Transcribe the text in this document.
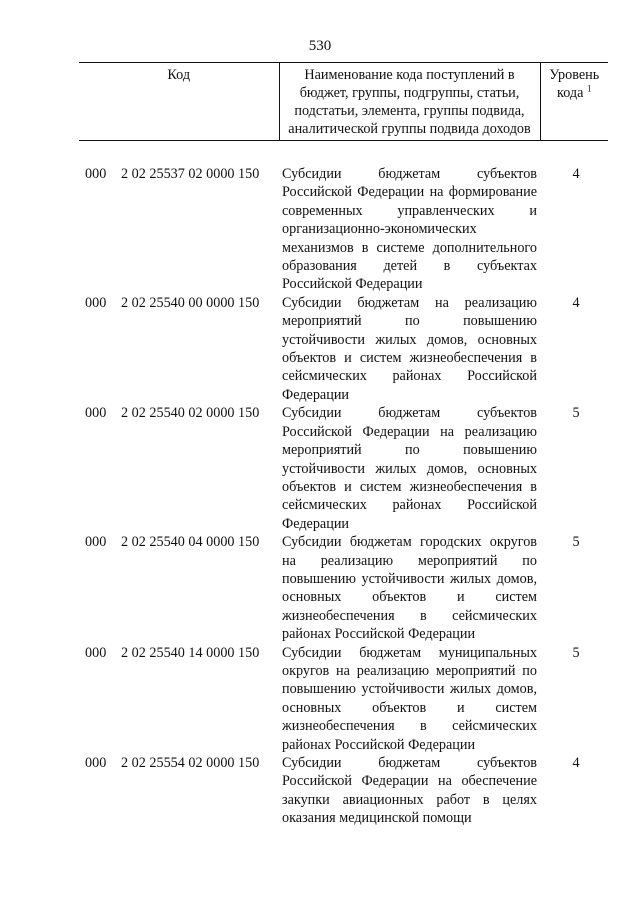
530
Код	Наименование кода поступлений в бюджет, группы, подгруппы, статьи, подстатьи, элемента, группы подвида, аналитической группы подвида доходов	Уровень кода $^1$

000 2 02 25537 02 0000 150	Субсидии бюджетам субъектов Российской Федерации на формирование современных управленческих и организационно-экономических механизмов в системе дополнительного образования детей в субъектах Российской Федерации	4
000 2 02 25540 00 0000 150	Субсидии бюджетам на реализацию мероприятий по повышению устойчивости жилых домов, основных объектов и систем жизнеобеспечения в сейсмических районах Российской Федерации	4
000 2 02 25540 02 0000 150	Субсидии бюджетам субъектов Российской Федерации на реализацию мероприятий по повышению устойчивости жилых домов, основных объектов и систем жизнеобеспечения в сейсмических районах Российской Федерации	5
000 2 02 25540 04 0000 150	Субсидии бюджетам городских округов на реализацию мероприятий по повышению устойчивости жилых домов, основных объектов и систем жизнеобеспечения в сейсмических районах Российской Федерации	5
000 2 02 25540 14 0000 150	Субсидии бюджетам муниципальных округов на реализацию мероприятий по повышению устойчивости жилых домов, основных объектов и систем жизнеобеспечения в сейсмических районах Российской Федерации	5
000 2 02 25554 02 0000 150	Субсидии бюджетам субъектов Российской Федерации на обеспечение закупки авиационных работ в целях оказания медицинской помощи	4
